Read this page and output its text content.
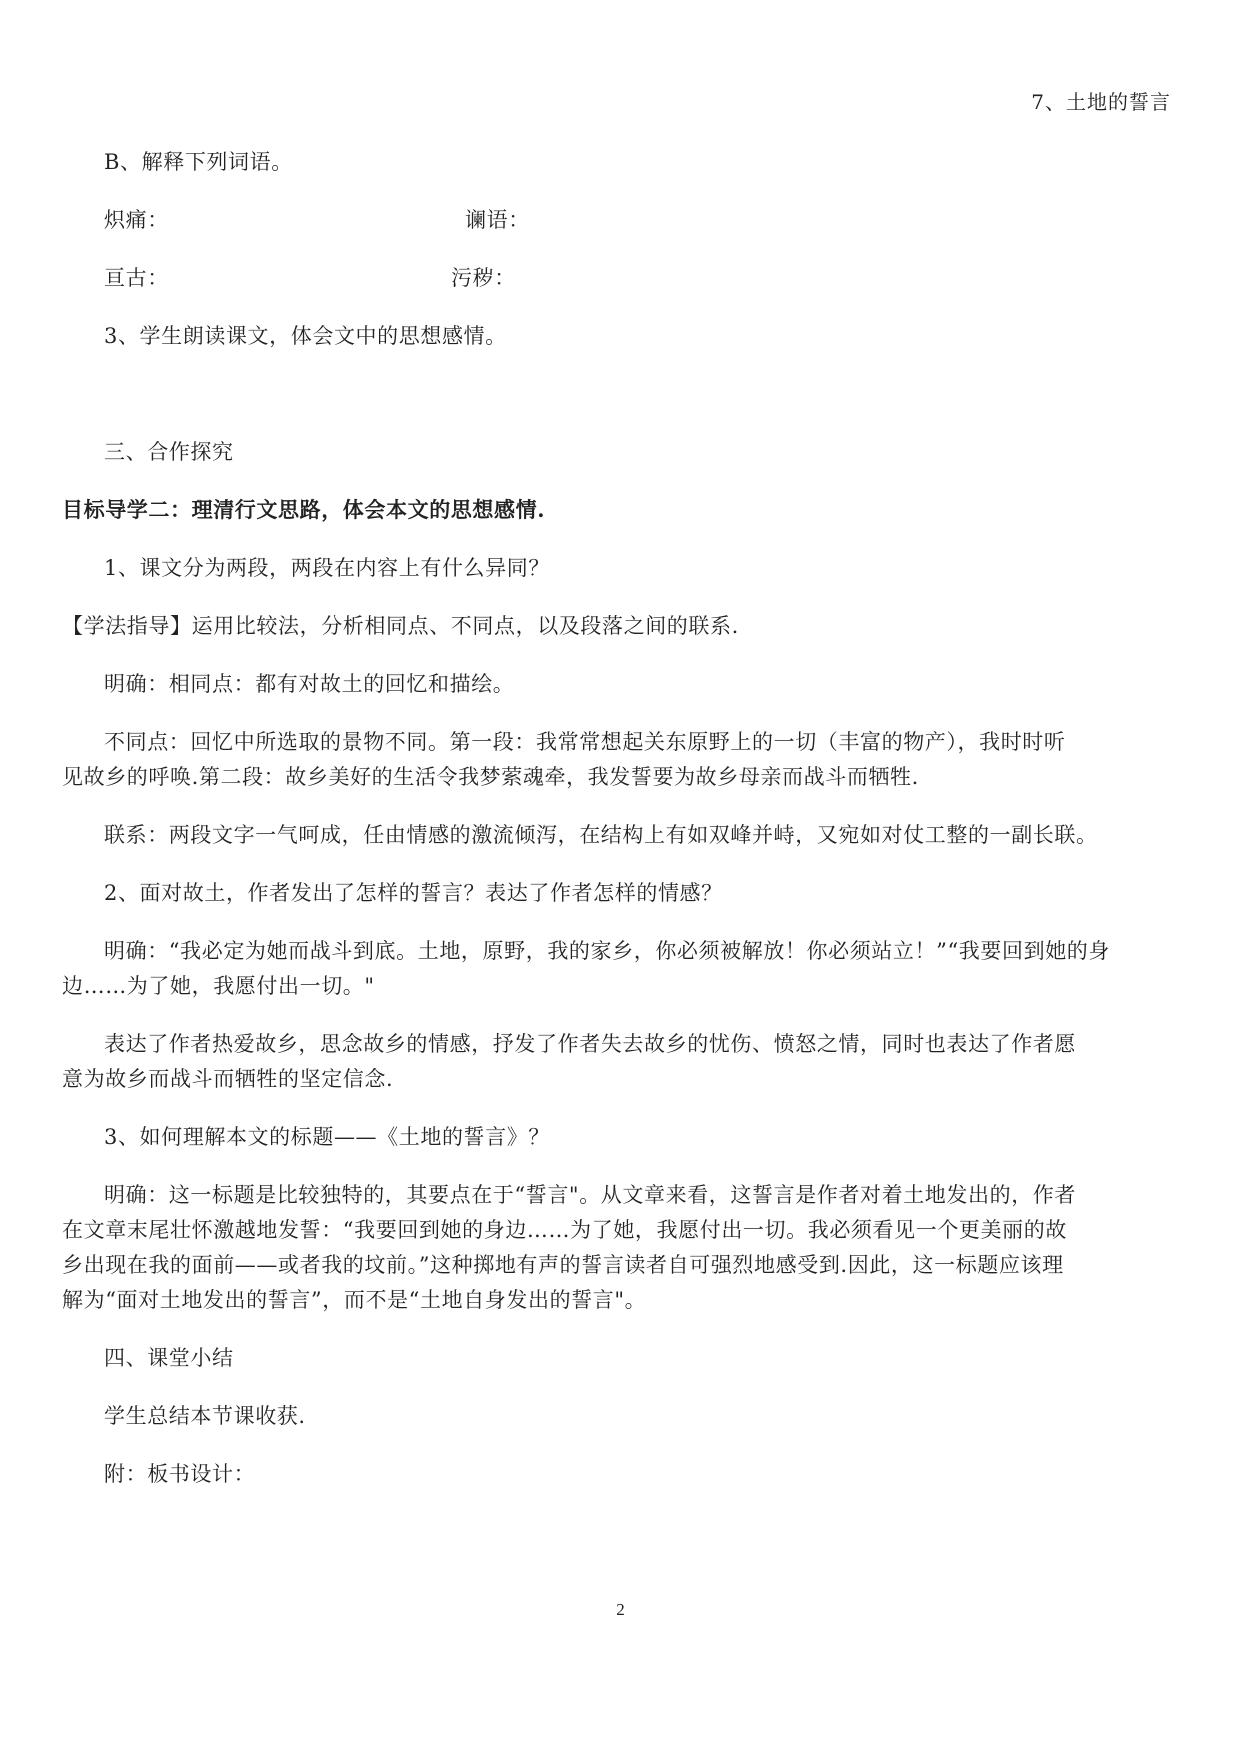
7、土地的誓言
B、解释下列词语。
炽痛：	谰语：
亘古：	污秽：
3、学生朗读课文，体会文中的思想感情。
三、合作探究
目标导学二：理清行文思路，体会本文的思想感情.
1、课文分为两段，两段在内容上有什么异同？
【学法指导】运用比较法，分析相同点、不同点，以及段落之间的联系.
明确：相同点：都有对故土的回忆和描绘。
不同点：回忆中所选取的景物不同。第一段：我常常想起关东原野上的一切（丰富的物产），我时时听
见故乡的呼唤.第二段：故乡美好的生活令我梦萦魂牵，我发誓要为故乡母亲而战斗而牺牲.
联系：两段文字一气呵成，任由情感的激流倾泻，在结构上有如双峰并峙，又宛如对仗工整的一副长联。
2、面对故土，作者发出了怎样的誓言？表达了作者怎样的情感？
明确：“我必定为她而战斗到底。土地，原野，我的家乡，你必须被解放！你必须站立！”“我要回到她的身
边……为了她，我愿付出一切。"
表达了作者热爱故乡，思念故乡的情感，抒发了作者失去故乡的忧伤、愤怒之情，同时也表达了作者愿
意为故乡而战斗而牺牲的坚定信念.
3、如何理解本文的标题——《土地的誓言》？
明确：这一标题是比较独特的，其要点在于“誓言"。从文章来看，这誓言是作者对着土地发出的，作者
在文章末尾壮怀激越地发誓：“我要回到她的身边……为了她，我愿付出一切。我必须看见一个更美丽的故
乡出现在我的面前——或者我的坟前。”这种掷地有声的誓言读者自可强烈地感受到.因此，这一标题应该理
解为“面对土地发出的誓言”，而不是“土地自身发出的誓言"。
四、课堂小结
学生总结本节课收获.
附：板书设计：
2
